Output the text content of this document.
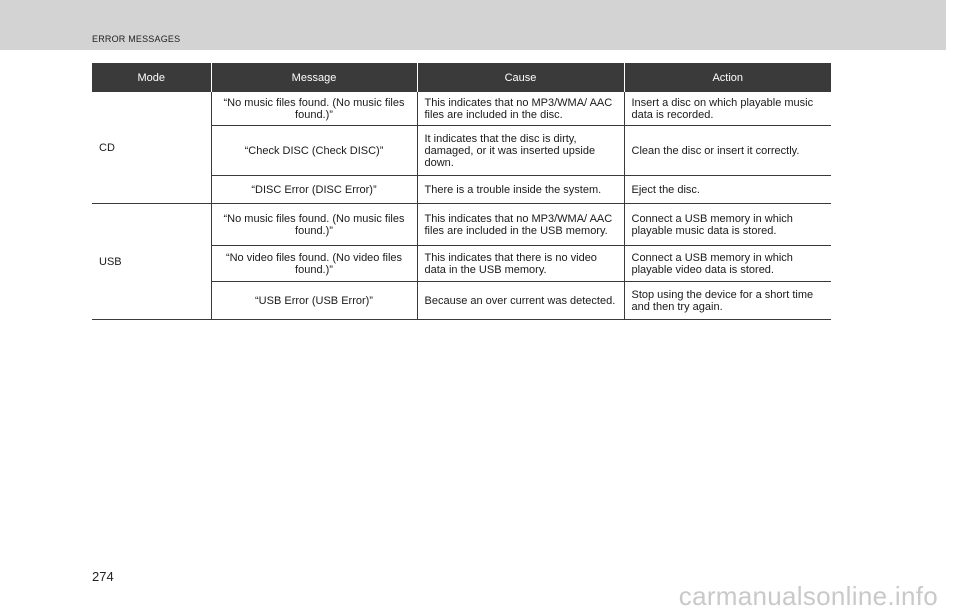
ERROR MESSAGES
Mode	Message	Cause	Action
CD	“No music files found. (No music files found.)”	This indicates that no MP3/WMA/ AAC files are included in the disc.	Insert a disc on which playable music data is recorded.
	“Check DISC (Check DISC)”	It indicates that the disc is dirty, damaged, or it was inserted upside down.	Clean the disc or insert it correctly.
	“DISC Error (DISC Error)”	There is a trouble inside the system.	Eject the disc.
USB	“No music files found. (No music files found.)”	This indicates that no MP3/WMA/ AAC files are included in the USB memory.	Connect a USB memory in which playable music data is stored.
	“No video files found. (No video files found.)”	This indicates that there is no video data in the USB memory.	Connect a USB memory in which playable video data is stored.
	“USB Error (USB Error)”	Because an over current was detected.	Stop using the device for a short time and then try again.
274
carmanualsonline.info
